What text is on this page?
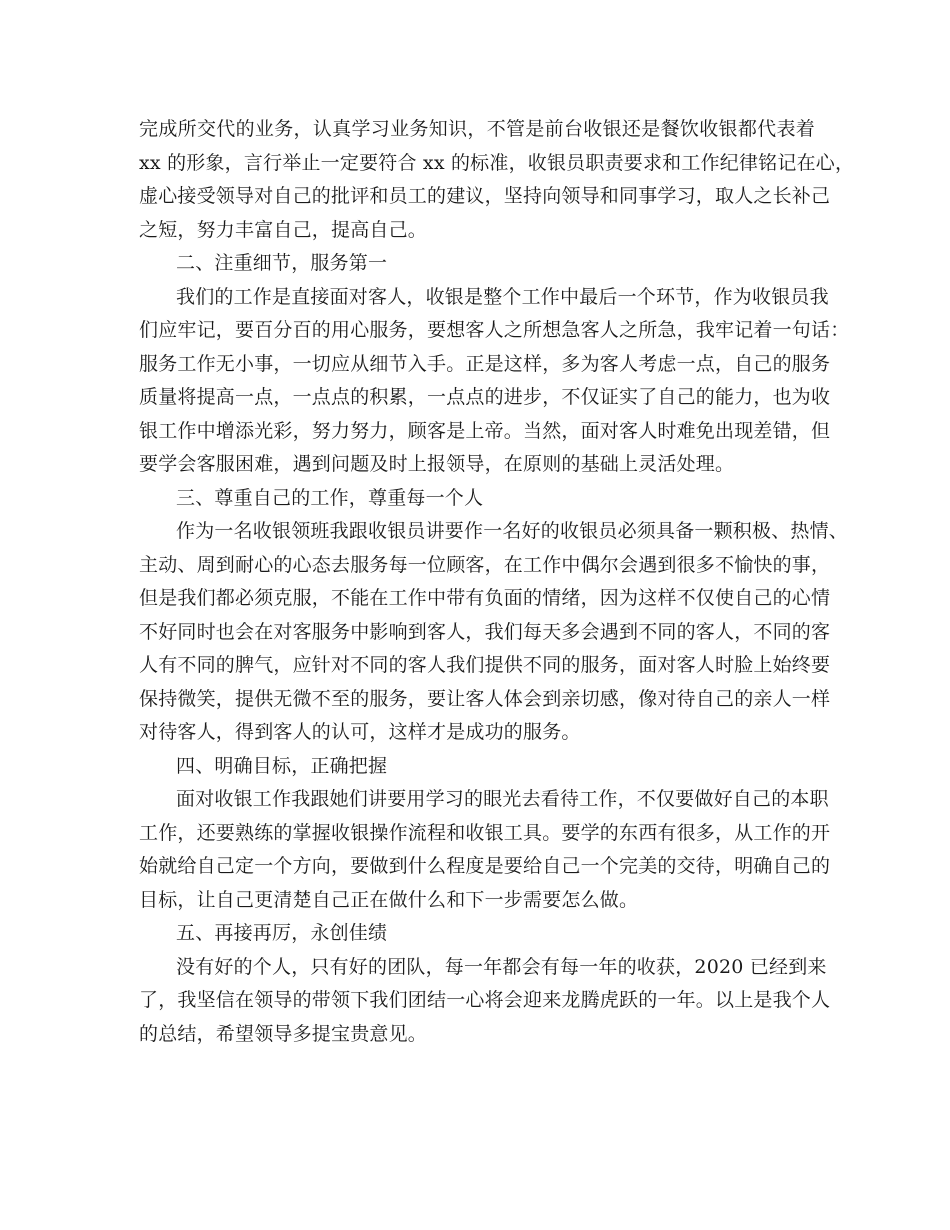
完成所交代的业务，认真学习业务知识，不管是前台收银还是餐饮收银都代表着
xx 的形象，言行举止一定要符合 xx 的标准，收银员职责要求和工作纪律铭记在心，
虚心接受领导对自己的批评和员工的建议，坚持向领导和同事学习，取人之长补己
之短，努力丰富自己，提高自己。
二、注重细节，服务第一
我们的工作是直接面对客人，收银是整个工作中最后一个环节，作为收银员我
们应牢记，要百分百的用心服务，要想客人之所想急客人之所急，我牢记着一句话：
服务工作无小事，一切应从细节入手。正是这样，多为客人考虑一点，自己的服务
质量将提高一点，一点点的积累，一点点的进步，不仅证实了自己的能力，也为收
银工作中增添光彩，努力努力，顾客是上帝。当然，面对客人时难免出现差错，但
要学会客服困难，遇到问题及时上报领导，在原则的基础上灵活处理。
三、尊重自己的工作，尊重每一个人
作为一名收银领班我跟收银员讲要作一名好的收银员必须具备一颗积极、热情、
主动、周到耐心的心态去服务每一位顾客，在工作中偶尔会遇到很多不愉快的事，
但是我们都必须克服，不能在工作中带有负面的情绪，因为这样不仅使自己的心情
不好同时也会在对客服务中影响到客人，我们每天多会遇到不同的客人，不同的客
人有不同的脾气，应针对不同的客人我们提供不同的服务，面对客人时脸上始终要
保持微笑，提供无微不至的服务，要让客人体会到亲切感，像对待自己的亲人一样
对待客人，得到客人的认可，这样才是成功的服务。
四、明确目标，正确把握
面对收银工作我跟她们讲要用学习的眼光去看待工作，不仅要做好自己的本职
工作，还要熟练的掌握收银操作流程和收银工具。要学的东西有很多，从工作的开
始就给自己定一个方向，要做到什么程度是要给自己一个完美的交待，明确自己的
目标，让自己更清楚自己正在做什么和下一步需要怎么做。
五、再接再厉，永创佳绩
没有好的个人，只有好的团队，每一年都会有每一年的收获，2020 已经到来
了，我坚信在领导的带领下我们团结一心将会迎来龙腾虎跃的一年。以上是我个人
的总结，希望领导多提宝贵意见。
